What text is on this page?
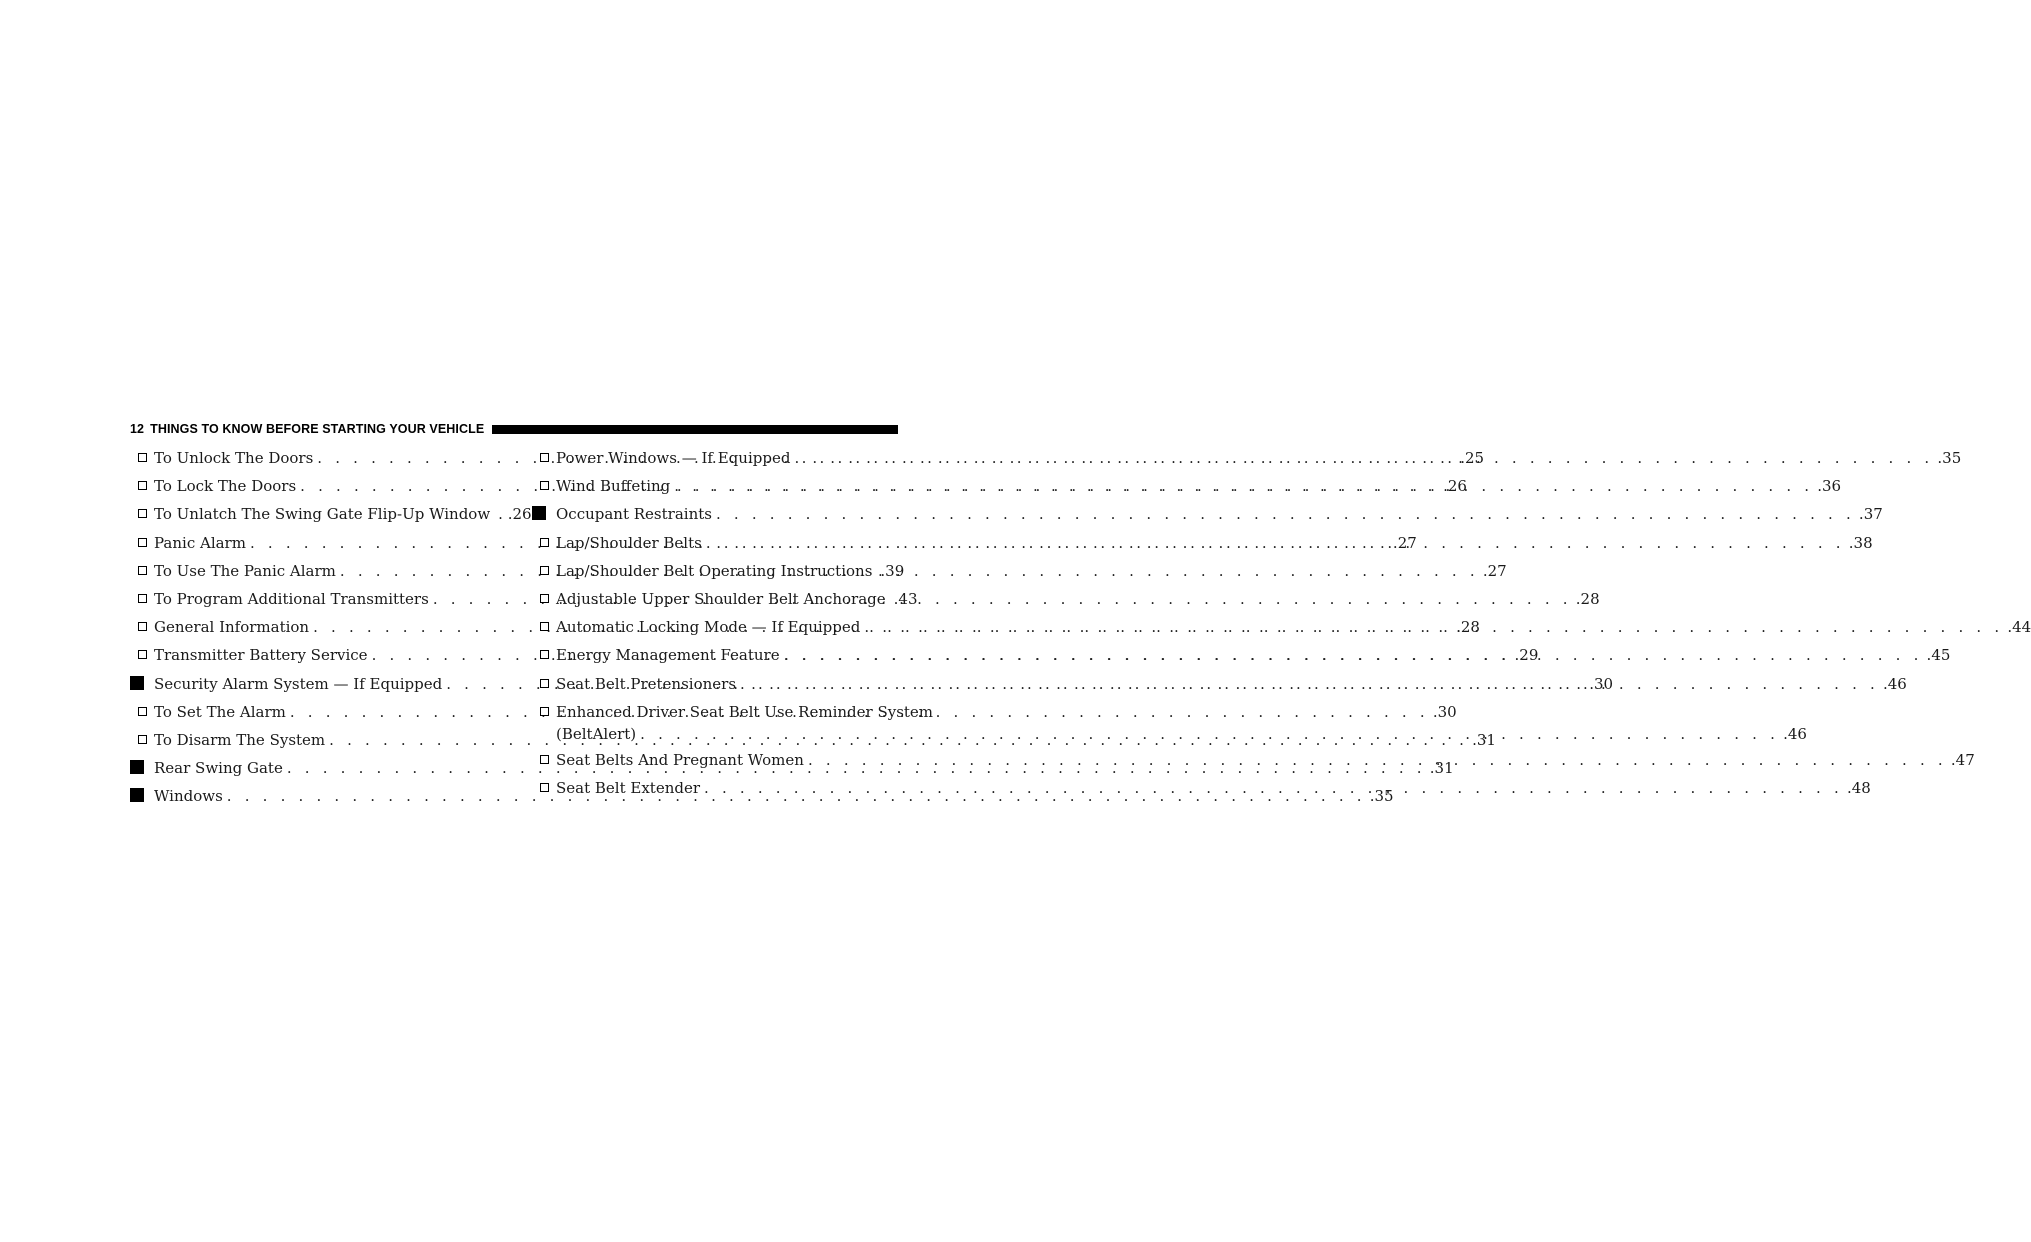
12 THINGS TO KNOW BEFORE STARTING YOUR VEHICLE
To Unlock The Doors . . .	.25
To Lock The Doors . . .	.26
To Unlatch The Swing Gate Flip-Up Window . .26
Panic Alarm . . .	.27
To Use The Panic Alarm . . .	.27
To Program Additional Transmitters . . .	.28
General Information . . .	.28
Transmitter Battery Service . . .	.29
Security Alarm System — If Equipped . . .	.30
To Set The Alarm . . .	.30
To Disarm The System . . .	.31
Rear Swing Gate . . .	.31
Windows . . .	.35
Power Windows — If Equipped . . .	.35
Wind Buffeting . . .	.36
Occupant Restraints . . .	.37
Lap/Shoulder Belts . . .	.38
Lap/Shoulder Belt Operating Instructions .39
Adjustable Upper Shoulder Belt Anchorage .43
Automatic Locking Mode — If Equipped . . .	.44
Energy Management Feature . . .	.45
Seat Belt Pretensioners . . .	.46
Enhanced Driver Seat Belt Use Reminder System
(BeltAlert) . . .	.46
Seat Belts And Pregnant Women . . .	.47
Seat Belt Extender . . .	.48
